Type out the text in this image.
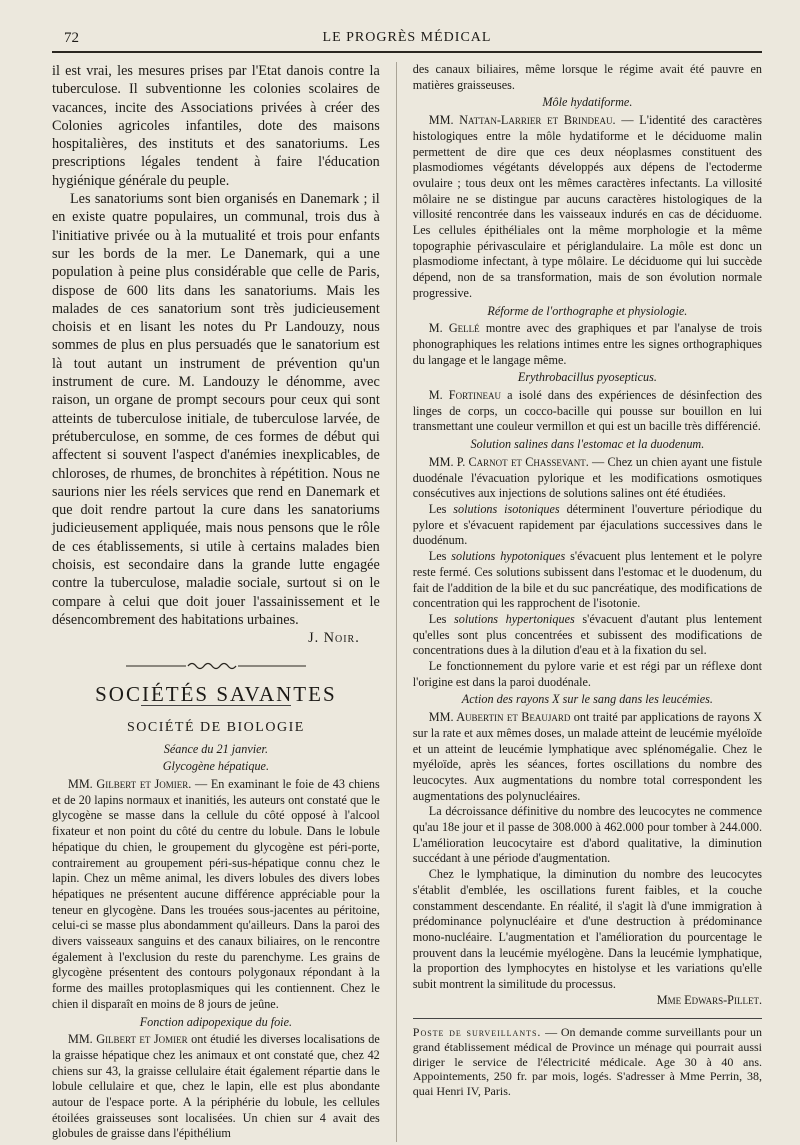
72	LE PROGRÈS MÉDICAL

il est vrai, les mesures prises par l'Etat danois contre la tuberculose. Il subventionne les colonies scolaires de vacances, incite des Associations privées à créer des Colonies agricoles infantiles, dote des maisons hospitalières, des instituts et des sanatoriums. Les prescriptions légales tendent à faire l'éducation hygiénique générale du peuple.

Les sanatoriums sont bien organisés en Danemark ; il en existe quatre populaires, un communal, trois dus à l'initiative privée ou à la mutualité et trois pour enfants sur les bords de la mer. Le Danemark, qui a une population à peine plus considérable que celle de Paris, dispose de 600 lits dans les sanatoriums. Mais les malades de ces sanatorium sont très judicieusement choisis et en lisant les notes du Pr Landouzy, nous sommes de plus en plus persuadés que le sanatorium est là tout autant un instrument de prévention qu'un instrument de cure. M. Landouzy le dénomme, avec raison, un organe de prompt secours pour ceux qui sont atteints de tuberculose initiale, de tuberculose larvée, de prétuberculose, en somme, de ces formes de début qui affectent si souvent l'aspect d'anémies inexplicables, de chloroses, de rhumes, de bronchites à répétition. Nous ne saurions nier les réels services que rend en Danemark et que doit rendre partout la cure dans les sanatoriums judicieusement appliquée, mais nous pensons que le rôle de ces établissements, si utile à certains malades bien choisis, est secondaire dans la grande lutte engagée contre la tuberculose, maladie sociale, surtout si on le compare à celui que doit jouer l'assainissement et le désencombrement des habitations urbaines.

J. Noir.
SOCIÉTÉS SAVANTES
SOCIÉTÉ DE BIOLOGIE
Séance du 21 janvier.
Glycogène hépatique.

MM. Gilbert et Jomier. — En examinant le foie de 43 chiens et de 20 lapins normaux et inanitiés, les auteurs ont constaté que le glycogène se masse dans la cellule du côté opposé à l'alcool fixateur et non point du côté du centre du lobule. Dans le lobule hépatique du chien, le groupement du glycogène est péri-porte, contrairement au groupement péri-sus-hépatique connu chez le lapin. Chez un même animal, les divers lobules des divers lobes hépatiques ne présentent aucune différence appréciable pour la teneur en glycogène. Dans les trouées sous-jacentes au péritoine, celui-ci se masse plus abondamment qu'ailleurs. Dans la paroi des divers vaisseaux sanguins et des canaux biliaires, on le rencontre également à l'exclusion du reste du parenchyme. Les grains de glycogène présentent des contours polygonaux répondant à la forme des mailles protoplasmiques qui les contiennent. Chez le chien il disparaît en moins de 8 jours de jeûne.

Fonction adipopexique du foie.

MM. Gilbert et Jomier ont étudié les diverses localisations de la graisse hépatique chez les animaux et ont constaté que, chez 42 chiens sur 43, la graisse cellulaire était également répartie dans le lobule cellulaire et que, chez le lapin, elle est plus abondante autour de l'espace porte. A la périphérie du lobule, les cellules étoilées graisseuses sont localisées. Un chien sur 4 avait des globules de graisse dans l'épithélium

des canaux biliaires, même lorsque le régime avait été pauvre en matières graisseuses.

Môle hydatiforme.

MM. Nattan-Larrier et Brindeau. — L'identité des caractères histologiques entre la môle hydatiforme et le déciduome malin permettent de dire que ces deux néoplasmes constituent des plasmodiomes végétants développés aux dépens de l'ectoderme ovulaire ; tous deux ont les mêmes caractères infectants. La villosité môlaire ne se distingue par aucuns caractères histologiques de la villosité rencontrée dans les vaisseaux indurés en cas de déciduome. Les cellules épithéliales ont la même morphologie et la même topographie périvasculaire et périglandulaire. La môle est donc un plasmodiome infectant, à type môlaire. Le déciduome qui lui succède dépend, non de sa transformation, mais de son évolution normale progressive.

Réforme de l'orthographe et physiologie.

M. Gellé montre avec des graphiques et par l'analyse de trois phonographiques les relations intimes entre les signes orthographiques du langage et le langage même.

Erythrobacillus pyosepticus.

M. Fortineau a isolé dans des expériences de désinfection des linges de corps, un cocco-bacille qui pousse sur bouillon en lui transmettant une couleur vermillon et qui est un bacille très différencié.

Solution salines dans l'estomac et la duodenum.

MM. P. Carnot et Chassevant. — Chez un chien ayant une fistule duodénale l'évacuation pylorique et les modifications osmotiques consécutives aux injections de solutions salines ont été étudiées.

Les solutions isotoniques déterminent l'ouverture périodique du pylore et s'évacuent rapidement par éjaculations successives dans le duodénum.

Les solutions hypotoniques s'évacuent plus lentement et le polyre reste fermé. Ces solutions subissent dans l'estomac et le duodenum, du fait de l'addition de la bile et du suc pancréatique, des modifications de concentration qui les rapprochent de l'isotonie.

Les solutions hypertoniques s'évacuent d'autant plus lentement qu'elles sont plus concentrées et subissent des modifications de concentrations dues à la dilution d'eau et à la fixation du sel.

Le fonctionnement du pylore varie et est régi par un réflexe dont l'origine est dans la paroi duodénale.

Action des rayons X sur le sang dans les leucémies.

MM. Aubertin et Beaujard ont traité par applications de rayons X sur la rate et aux mêmes doses, un malade atteint de leucémie myéloïde et un atteint de leucémie lymphatique avec splénomégalie. Chez le myéloïde, après les séances, fortes oscillations du nombre des leucocytes. Aux augmentations du nombre total correspondent les augmentations des polynucléaires.

La décroissance définitive du nombre des leucocytes ne commence qu'au 18e jour et il passe de 308.000 à 462.000 pour tomber à 244.000. L'amélioration leucocytaire est d'abord qualitative, la diminution succédant à une période d'augmentation.

Chez le lymphatique, la diminution du nombre des leucocytes s'établit d'emblée, les oscillations furent faibles, et la couche constamment descendante. En réalité, il s'agit là d'une immigration à prédominance polynucléaire et d'une destruction à prédominance mono-nucléaire. L'augmentation et l'amélioration du pourcentage le prouvent dans la leucémie myélogène. Dans la leucémie lymphatique, la proportion des lymphocytes en histolyse et les variations qu'elle subit montrent la similitude du processus.

Mme Edwars-Pillet.

Poste de surveillants. — On demande comme surveillants pour un grand établissement médical de Province un ménage qui pourrait aussi diriger le service de l'électricité médicale. Age 30 à 40 ans. Appointements, 250 fr. par mois, logés. S'adresser à Mme Perrin, 38, quai Henri IV, Paris.
